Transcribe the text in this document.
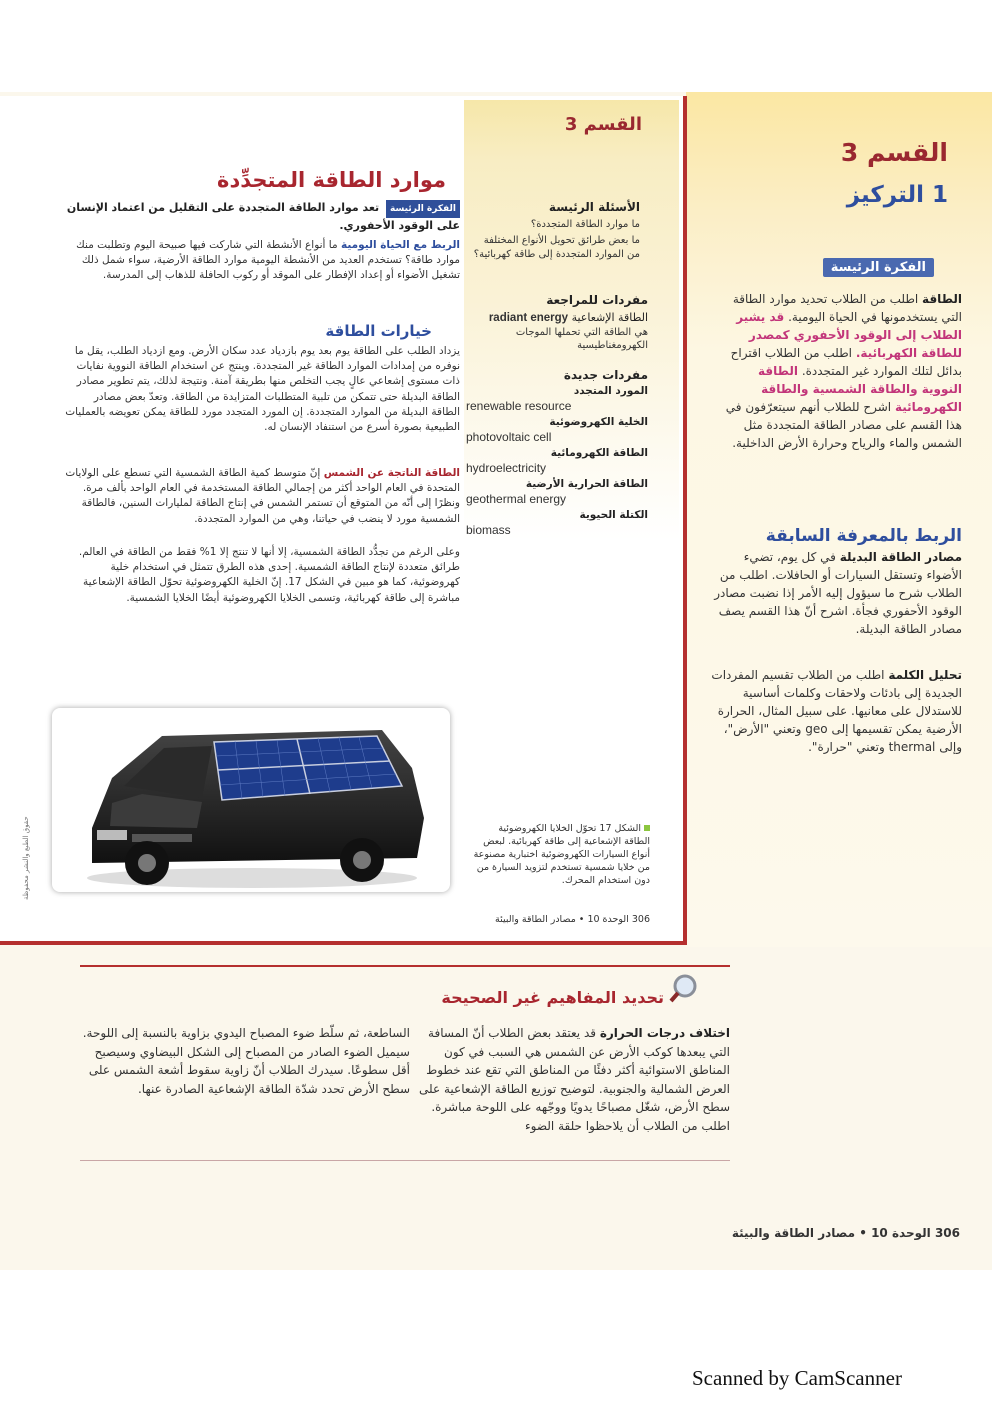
القسم 3
موارد الطاقة المتجدِّدة
الفكرة الرئيسة تعد موارد الطاقة المتجددة على التقليل من اعتماد الإنسان على الوقود الأحفوري.
الربط مع الحياة اليومية ما أنواع الأنشطة التي شاركت فيها صبيحة اليوم وتطلبت منك موارد طاقة؟ تستخدم العديد من الأنشطة اليومية موارد الطاقة الأرضية، سواء شمل ذلك تشغيل الأضواء أو إعداد الإفطار على الموقد أو ركوب الحافلة للذهاب إلى المدرسة.
الأسئلة الرئيسة
ما موارد الطاقة المتجددة؟
ما بعض طرائق تحويل الأنواع المختلفة من الموارد المتجددة إلى طاقة كهربائية؟
مفردات للمراجعة
الطاقة الإشعاعية radiant energy
هي الطاقة التي تحملها الموجات الكهرومغناطيسية
مفردات جديدة
المورد المتجدد
renewable resource
الخلية الكهروضوئية
photovoltaic cell
الطاقة الكهرومائية
hydroelectricity
الطاقة الحرارية الأرضية
geothermal energy
الكتلة الحيوية
biomass
خيارات الطاقة
يزداد الطلب على الطاقة يوم بعد يوم بازدياد عدد سكان الأرض. ومع ازدياد الطلب، يقل ما نوفره من إمدادات الموارد الطاقة غير المتجددة. وينتج عن استخدام الطاقة النووية نفايات ذات مستوى إشعاعي عالٍ يجب التخلص منها بطريقة آمنة. ونتيجة لذلك، يتم تطوير مصادر الطاقة البديلة حتى تتمكن من تلبية المتطلبات المتزايدة من الطاقة. وتعدّ بعض مصادر الطاقة البديلة من الموارد المتجددة. إن المورد المتجدد مورد للطاقة يمكن تعويضه بالعمليات الطبيعية بصورة أسرع من استنفاد الإنسان له.
الطاقة الناتجة عن الشمس إنّ متوسط كمية الطاقة الشمسية التي تسطع على الولايات المتحدة في العام الواحد أكثر من إجمالي الطاقة المستخدمة في العام الواحد بألف مرة. ونظرًا إلى أنّه من المتوقع أن تستمر الشمس في إنتاج الطاقة لمليارات السنين، فالطاقة الشمسية مورد لا ينضب في حياتنا، وهي من الموارد المتجددة.
وعلى الرغم من تجدُّد الطاقة الشمسية، إلا أنها لا تنتج إلا 1% فقط من الطاقة في العالم. طرائق متعددة لإنتاج الطاقة الشمسية. إحدى هذه الطرق تتمثل في استخدام خلية كهروضوئية، كما هو مبين في الشكل 17. إنّ الخلية الكهروضوئية تحوّل الطاقة الإشعاعية مباشرة إلى طاقة كهربائية، وتسمى الخلايا الكهروضوئية أيضًا الخلايا الشمسية.
حقوق الطبع والنشر محفوظة	الشكل 17 تحوّل الخلايا الكهروضوئية الطاقة الإشعاعية إلى طاقة كهربائية. لبعض أنواع السيارات الكهروضوئية اختبارية مصنوعة من خلايا شمسية تستخدم لتزويد السيارة من دون استخدام المحرك.
306 الوحدة 10 • مصادر الطاقة والبيئة
القسم 3
1 التركيز
الفكرة الرئيسة
الطاقة اطلب من الطلاب تحديد موارد الطاقة التي يستخدمونها في الحياة اليومية. قد يشير الطلاب إلى الوقود الأحفوري كمصدر للطاقة الكهربائية. اطلب من الطلاب اقتراح بدائل لتلك الموارد غير المتجددة. الطاقة النووية والطاقة الشمسية والطاقة الكهرومائية اشرح للطلاب أنهم سيتعرّفون في هذا القسم على مصادر الطاقة المتجددة مثل الشمس والماء والرياح وحرارة الأرض الداخلية.
الربط بالمعرفة السابقة
مصادر الطاقة البديلة في كل يوم، تضيء الأضواء وتستقل السيارات أو الحافلات. اطلب من الطلاب شرح ما سيؤول إليه الأمر إذا نضبت مصادر الوقود الأحفوري فجأة. اشرح أنّ هذا القسم يصف مصادر الطاقة البديلة.
تحليل الكلمة اطلب من الطلاب تقسيم المفردات الجديدة إلى بادئات ولاحقات وكلمات أساسية للاستدلال على معانيها. على سبيل المثال، الحرارة الأرضية يمكن تقسيمها إلى geo وتعني "الأرض"، وإلى thermal وتعني "حرارة".
تحديد المفاهيم غير الصحيحة
اختلاف درجات الحرارة قد يعتقد بعض الطلاب أنّ المسافة التي يبعدها كوكب الأرض عن الشمس هي السبب في كون المناطق الاستوائية أكثر دفئًا من المناطق التي تقع عند خطوط العرض الشمالية والجنوبية. لتوضيح توزيع الطاقة الإشعاعية على سطح الأرض، شغّل مصباحًا يدويًا ووجّهه على اللوحة مباشرة. اطلب من الطلاب أن يلاحظوا حلقة الضوء
الساطعة، ثم سلّط ضوء المصباح اليدوي بزاوية بالنسبة إلى اللوحة. سيميل الضوء الصادر من المصباح إلى الشكل البيضاوي وسيصبح أقل سطوعًا. سيدرك الطلاب أنّ زاوية سقوط أشعة الشمس على سطح الأرض تحدد شدّة الطاقة الإشعاعية الصادرة عنها.
306 الوحدة 10 • مصادر الطاقة والبيئة
Scanned by CamScanner
